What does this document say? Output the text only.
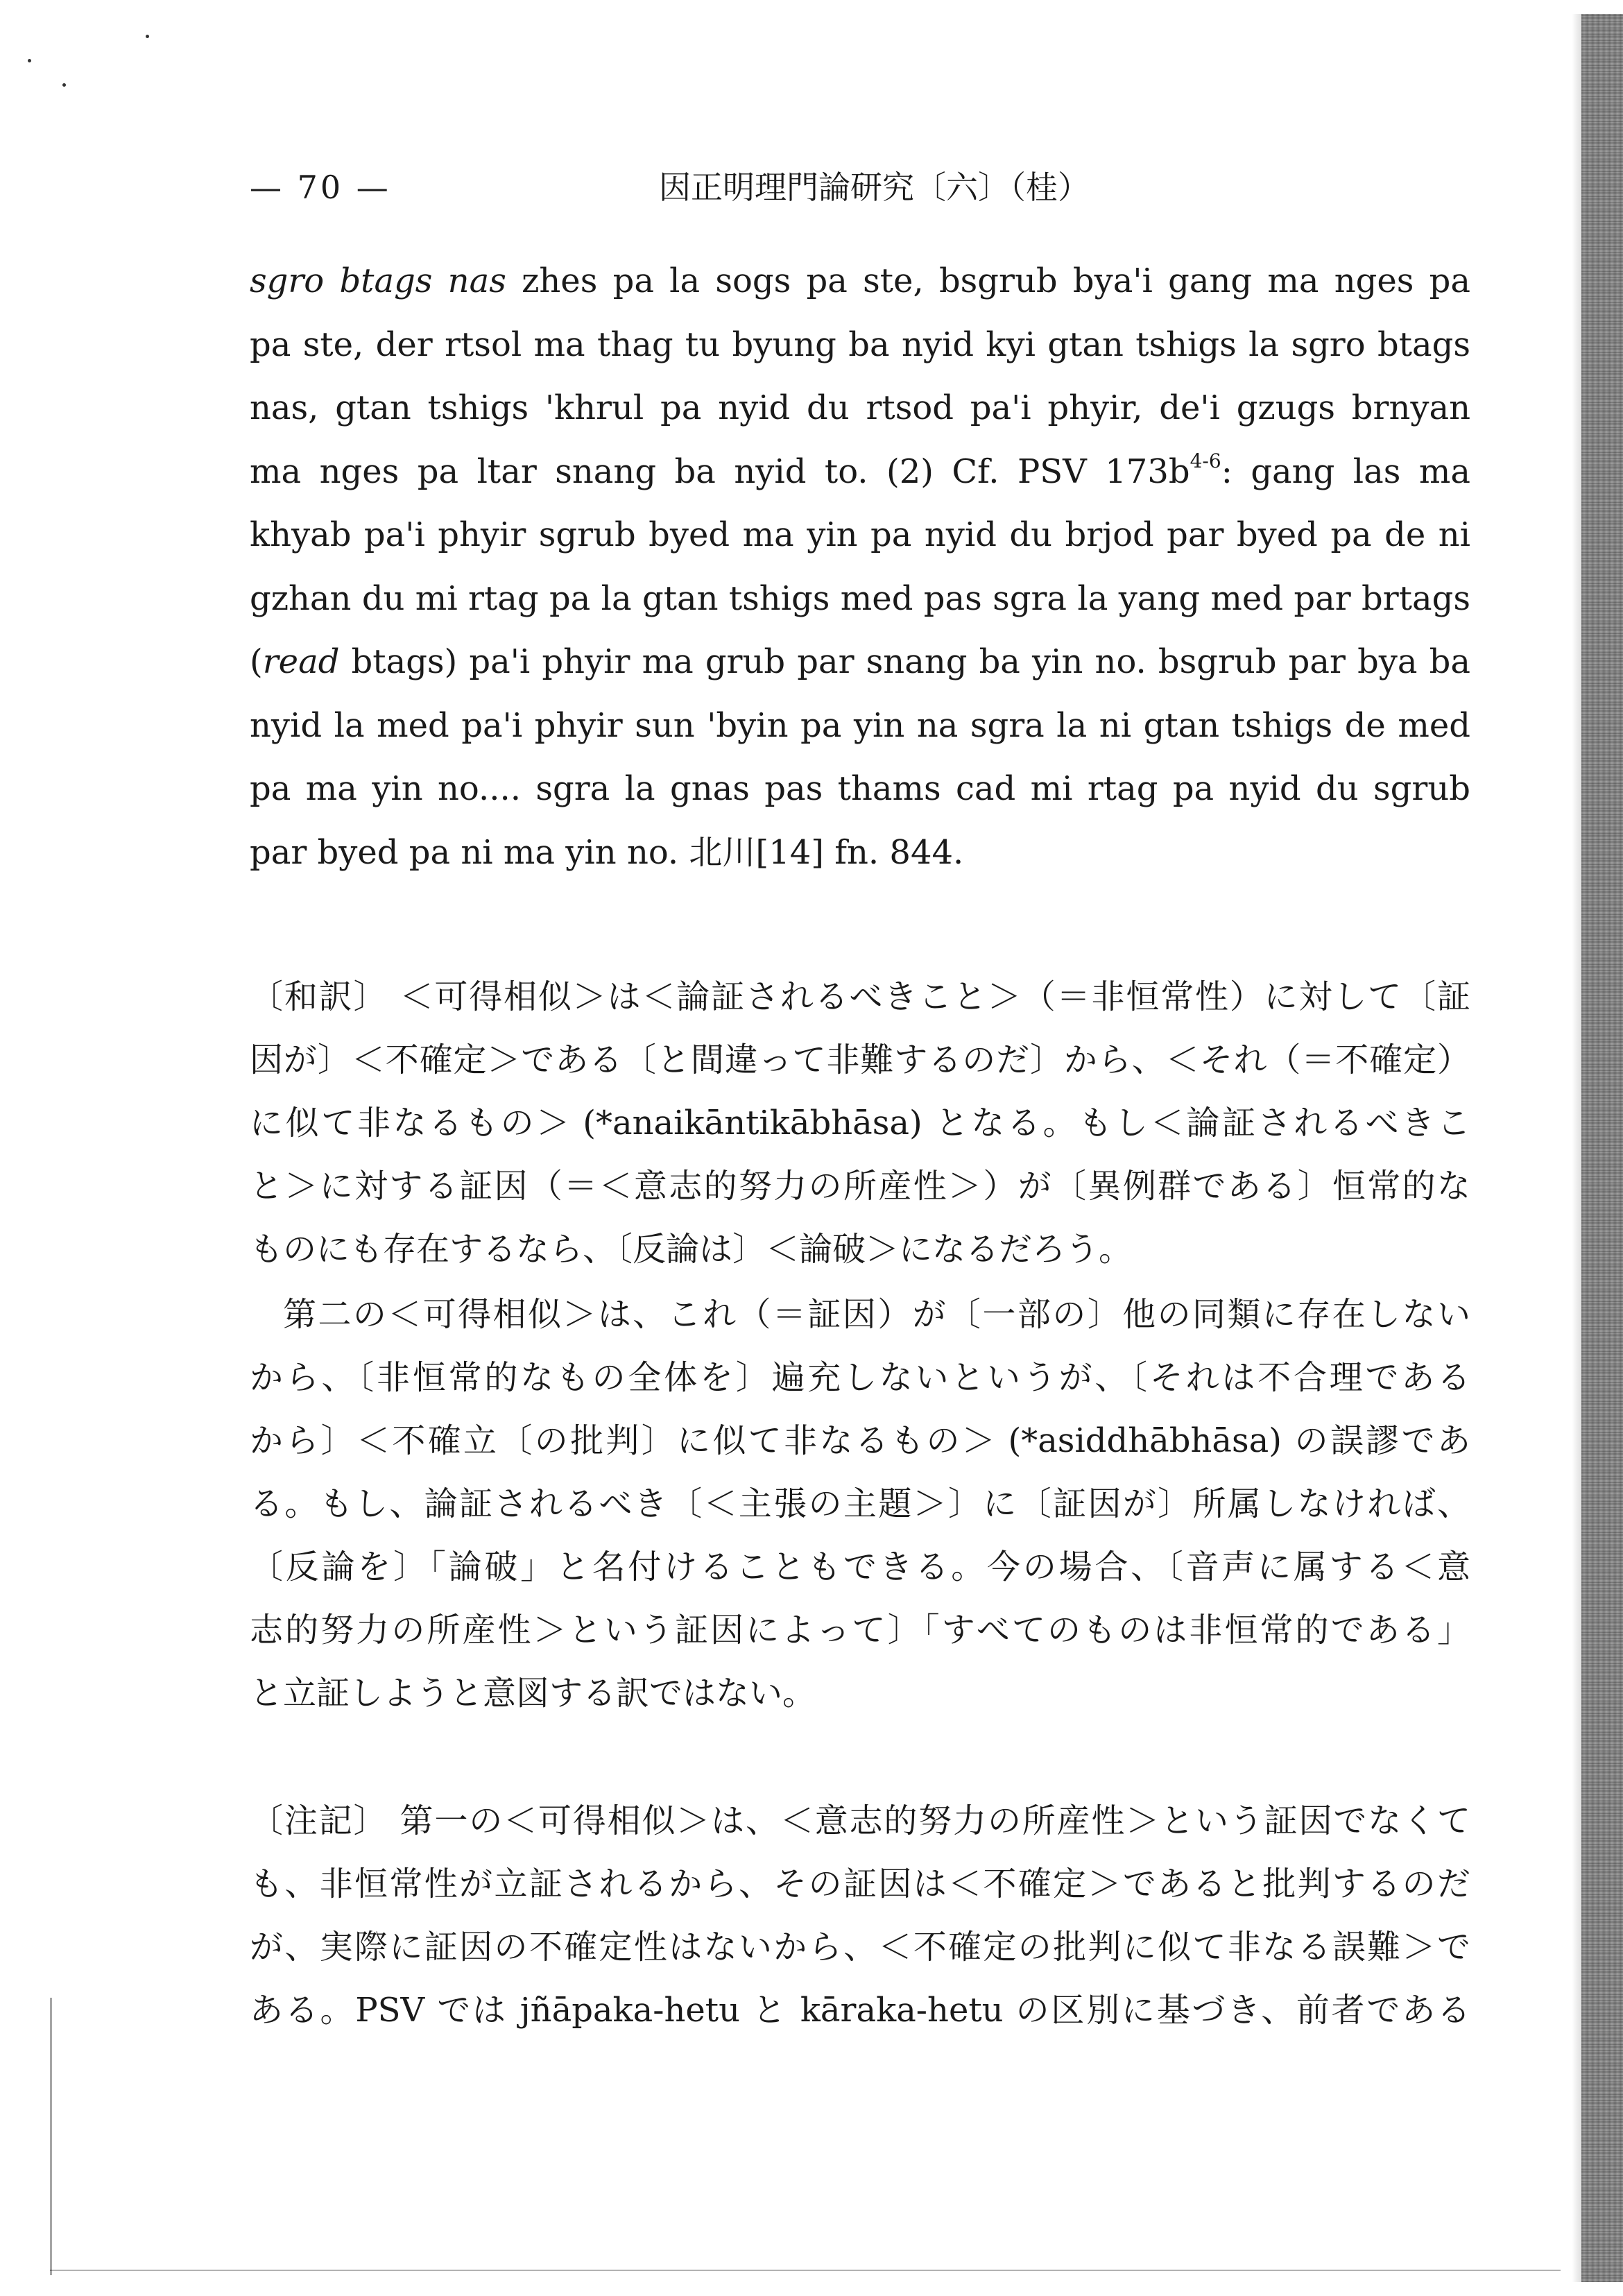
— 70 —	因正明理門論研究〔六〕（桂）
sgro btags nas zhes pa la sogs pa ste, bsgrub bya'i gang ma nges pa
pa ste, der rtsol ma thag tu byung ba nyid kyi gtan tshigs la sgro btags
nas, gtan tshigs 'khrul pa nyid du rtsod pa'i phyir, de'i gzugs brnyan
ma nges pa ltar snang ba nyid to. (2) Cf. PSV $173b^{4-6}$: gang las ma
khyab pa'i phyir sgrub byed ma yin pa nyid du brjod par byed pa de ni
gzhan du mi rtag pa la gtan tshigs med pas sgra la yang med par brtags
(read btags) pa'i phyir ma grub par snang ba yin no. bsgrub par bya ba
nyid la med pa'i phyir sun 'byin pa yin na sgra la ni gtan tshigs de med
pa ma yin no.... sgra la gnas pas thams cad mi rtag pa nyid du sgrub
par byed pa ni ma yin no. 北川[14] fn. 844.
〔和訳〕 ＜可得相似＞は＜論証されるべきこと＞（＝非恒常性）に対して〔証
因が〕＜不確定＞である〔と間違って非難するのだ〕から、＜それ（＝不確定）
に似て非なるもの＞ (*anaikāntikābhāsa) となる。もし＜論証されるべきこ
と＞に対する証因（＝＜意志的努力の所産性＞）が〔異例群である〕恒常的な
ものにも存在するなら、〔反論は〕＜論破＞になるだろう。
第二の＜可得相似＞は、これ（＝証因）が〔一部の〕他の同類に存在しない
から、〔非恒常的なもの全体を〕遍充しないというが、〔それは不合理である
から〕＜不確立〔の批判〕に似て非なるもの＞ (*asiddhābhāsa) の誤謬であ
る。もし、論証されるべき〔＜主張の主題＞〕に〔証因が〕所属しなければ、
〔反論を〕「論破」と名付けることもできる。今の場合、〔音声に属する＜意
志的努力の所産性＞という証因によって〕「すべてのものは非恒常的である」
と立証しようと意図する訳ではない。
〔注記〕 第一の＜可得相似＞は、＜意志的努力の所産性＞という証因でなくて
も、非恒常性が立証されるから、その証因は＜不確定＞であると批判するのだ
が、実際に証因の不確定性はないから、＜不確定の批判に似て非なる誤難＞で
ある。PSV では jñāpaka-hetu と kāraka-hetu の区別に基づき、前者である
